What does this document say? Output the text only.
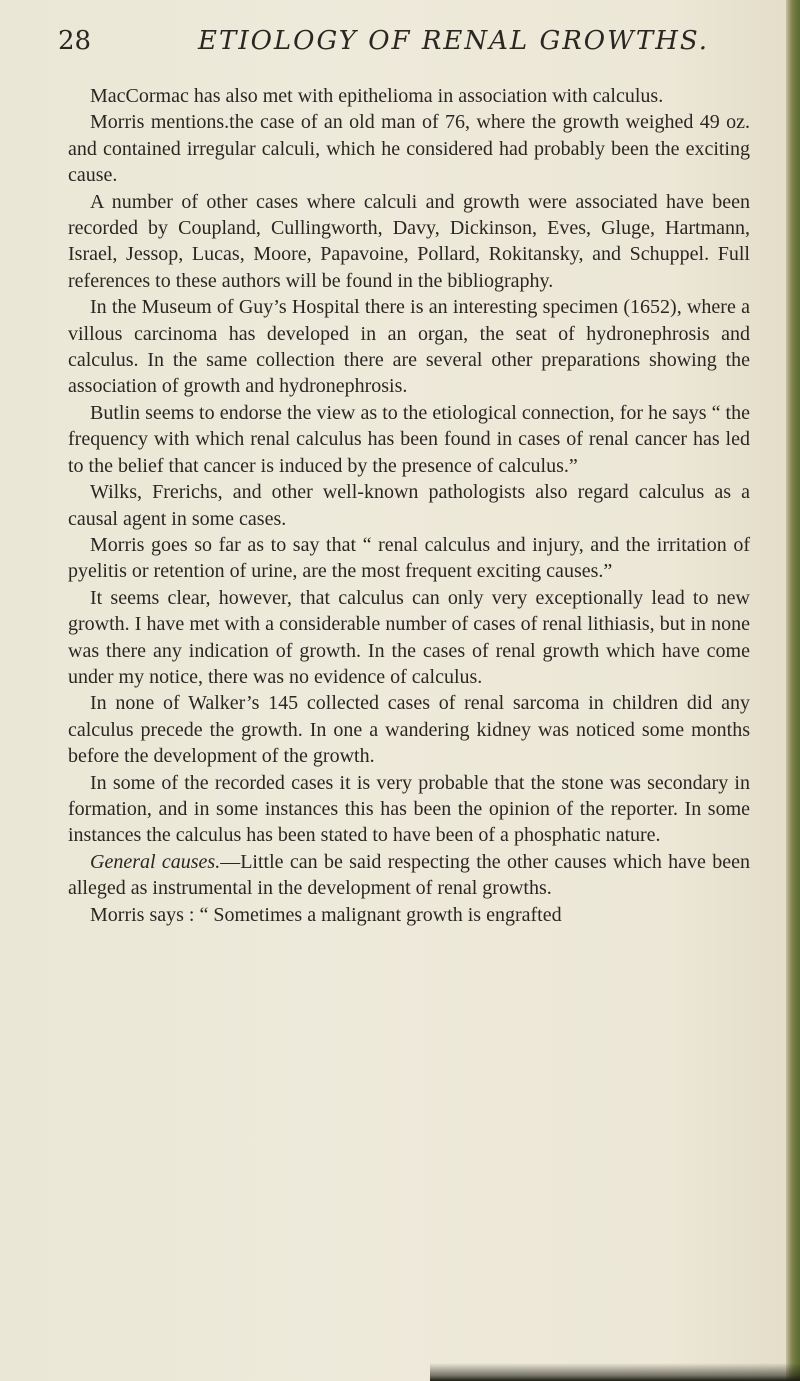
28	ETIOLOGY OF RENAL GROWTHS.

MacCormac has also met with epithelioma in association with calculus.

Morris mentions.the case of an old man of 76, where the growth weighed 49 oz. and contained irregular calculi, which he considered had probably been the exciting cause.

A number of other cases where calculi and growth were associated have been recorded by Coupland, Cullingworth, Davy, Dickinson, Eves, Gluge, Hartmann, Israel, Jessop, Lucas, Moore, Papavoine, Pollard, Rokitansky, and Schuppel. Full references to these authors will be found in the bibliography.

In the Museum of Guy’s Hospital there is an interesting specimen (1652), where a villous carcinoma has developed in an organ, the seat of hydronephrosis and calculus. In the same collection there are several other preparations showing the association of growth and hydronephrosis.

Butlin seems to endorse the view as to the etiological connection, for he says “ the frequency with which renal calculus has been found in cases of renal cancer has led to the belief that cancer is induced by the presence of calculus.”

Wilks, Frerichs, and other well-known pathologists also regard calculus as a causal agent in some cases.

Morris goes so far as to say that “ renal calculus and injury, and the irritation of pyelitis or retention of urine, are the most frequent exciting causes.”

It seems clear, however, that calculus can only very exceptionally lead to new growth. I have met with a considerable number of cases of renal lithiasis, but in none was there any indication of growth. In the cases of renal growth which have come under my notice, there was no evidence of calculus.

In none of Walker’s 145 collected cases of renal sarcoma in children did any calculus precede the growth. In one a wandering kidney was noticed some months before the development of the growth.

In some of the recorded cases it is very probable that the stone was secondary in formation, and in some instances this has been the opinion of the reporter. In some instances the calculus has been stated to have been of a phosphatic nature.

General causes.—Little can be said respecting the other causes which have been alleged as instrumental in the development of renal growths.

Morris says : “ Sometimes a malignant growth is engrafted
